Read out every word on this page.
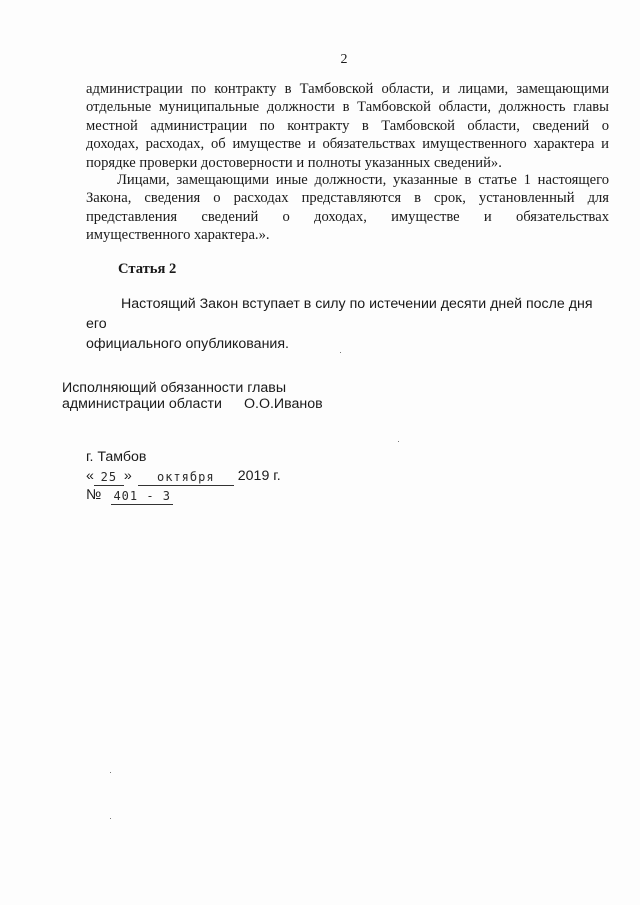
2
администрации по контракту в Тамбовской области, и лицами, замещающими
отдельные муниципальные должности в Тамбовской области, должность главы
местной администрации по контракту в Тамбовской области, сведений о
доходах, расходах, об имуществе и обязательствах имущественного характера и
порядке проверки достоверности и полноты указанных сведений».
Лицами, замещающими иные должности, указанные в статье 1 настоящего
Закона, сведения о расходах представляются в срок, установленный для
представления сведений о доходах, имуществе и обязательствах
имущественного характера.».
Статья 2
Настоящий Закон вступает в силу по истечении десяти дней после дня его
официального опубликования.
Исполняющий обязанности главы
администрации области О.О.Иванов
г. Тамбов
« 25 »	октября	2019 г.
№ 401 - З
